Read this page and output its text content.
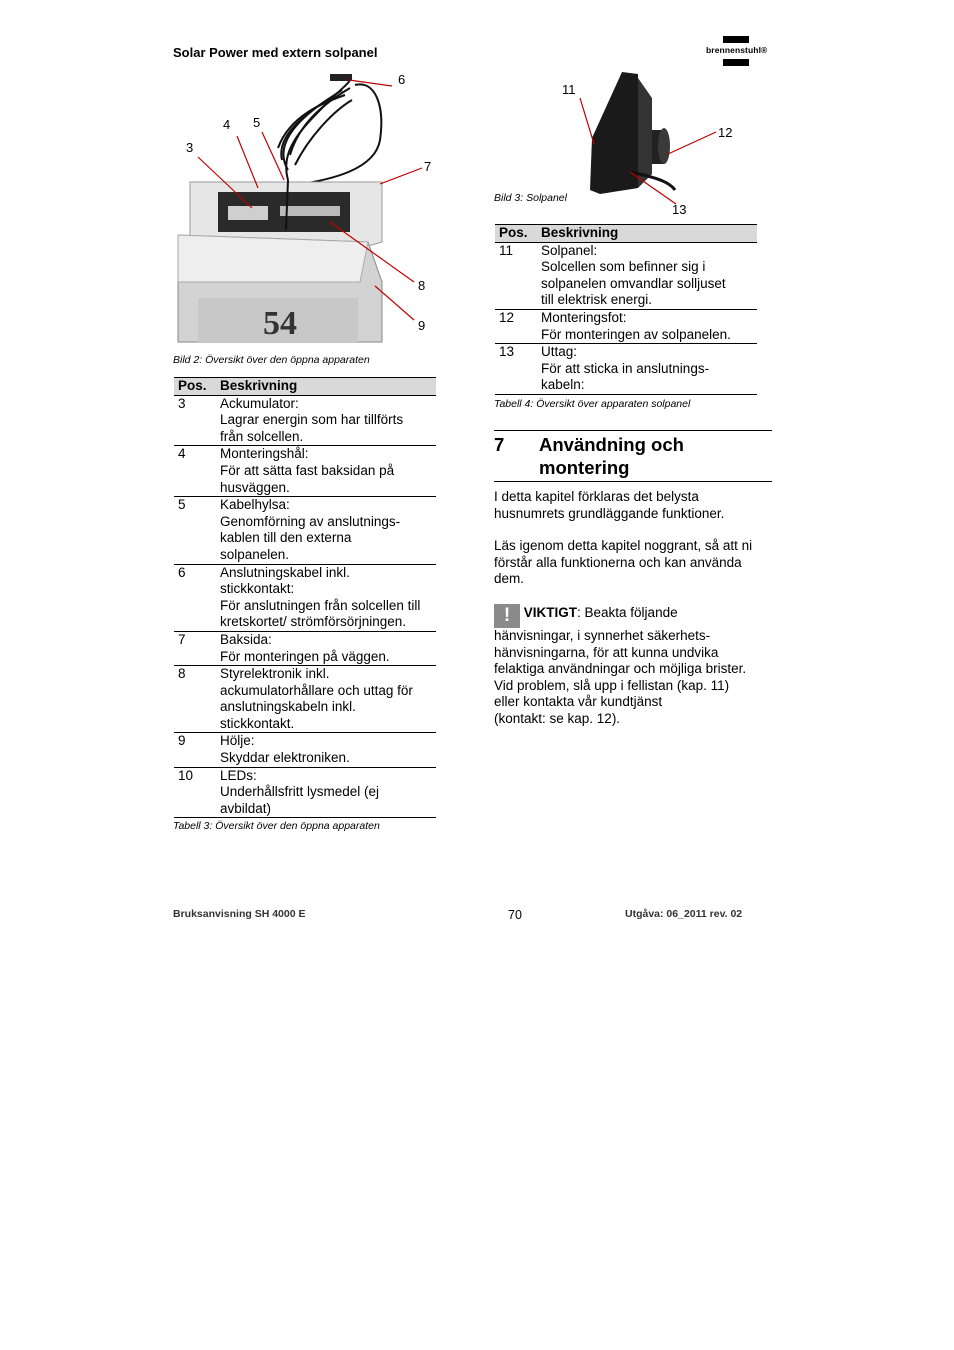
Solar Power med extern solpanel	brennenstuhl®
54
6
4 5
3
7
8
9
Bild 2: Översikt över den öppna apparaten
Pos.	Beskrivning
3	Ackumulator:
Lagrar energin som har tillförts
från solcellen.

4	Monteringshål:
För att sätta fast baksidan på
husväggen.

5	Kabelhylsa:
Genomförning av anslutnings-
kablen till den externa
solpanelen.

6	Anslutningskabel inkl.
stickkontakt:
För anslutningen från solcellen till
kretskortet/ strömförsörjningen.

7	Baksida:
För monteringen på väggen.

8	Styrelektronik inkl.
ackumulatorhållare och uttag för
anslutningskabeln inkl.
stickkontakt.

9	Hölje:
Skyddar elektroniken.

10	LEDs:
Underhållsfritt lysmedel (ej
avbildat)
Tabell 3: Översikt över den öppna apparaten
11
12
13
Bild 3: Solpanel
Pos.	Beskrivning
11	Solpanel:
Solcellen som befinner sig i
solpanelen omvandlar solljuset
till elektrisk energi.

12	Monteringsfot:
För monteringen av solpanelen.

13	Uttag:
För att sticka in anslutnings-
kabeln:
Tabell 4: Översikt över apparaten solpanel
7 Användning och
montering
I detta kapitel förklaras det belysta
husnumrets grundläggande funktioner.
Läs igenom detta kapitel noggrant, så att ni
förstår alla funktionerna och kan använda
dem.
! VIKTIGT: Beakta följande
hänvisningar, i synnerhet säkerhets-
hänvisningarna, för att kunna undvika
felaktiga användningar och möjliga brister.
Vid problem, slå upp i fellistan (kap. 11)
eller kontakta vår kundtjänst
(kontakt: se kap. 12).
Bruksanvisning SH 4000 E	70	Utgåva: 06_2011 rev. 02
